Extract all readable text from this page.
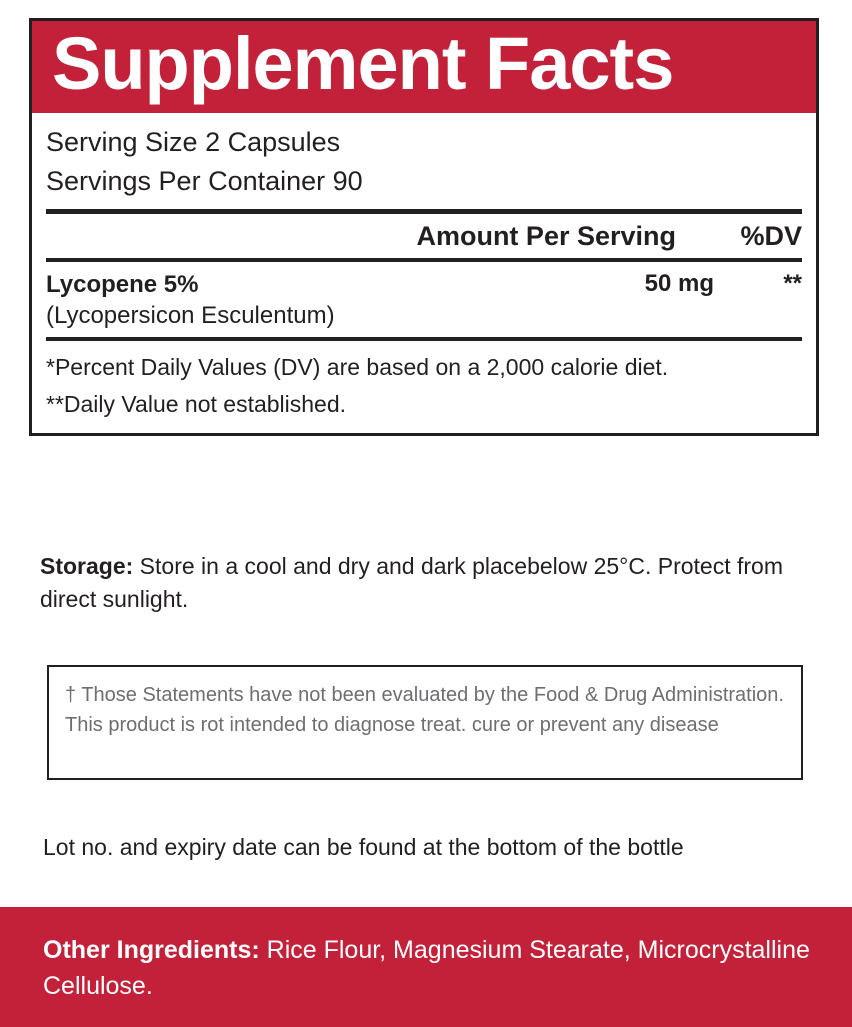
Supplement Facts
Serving Size 2 Capsules
Servings Per Container 90
Amount Per Serving	%DV
Lycopene 5%
(Lycopersicon Esculentum)
50 mg	**
*Percent Daily Values (DV) are based on a 2,000 calorie diet.
**Daily Value not established.
Storage: Store in a cool and dry and dark placebelow 25°C. Protect from direct sunlight.
† Those Statements have not been evaluated by the Food & Drug Administration. This product is rot intended to diagnose treat. cure or prevent any disease
Lot no. and expiry date can be found at the bottom of the bottle
Other Ingredients: Rice Flour, Magnesium Stearate, Microcrystalline Cellulose.
